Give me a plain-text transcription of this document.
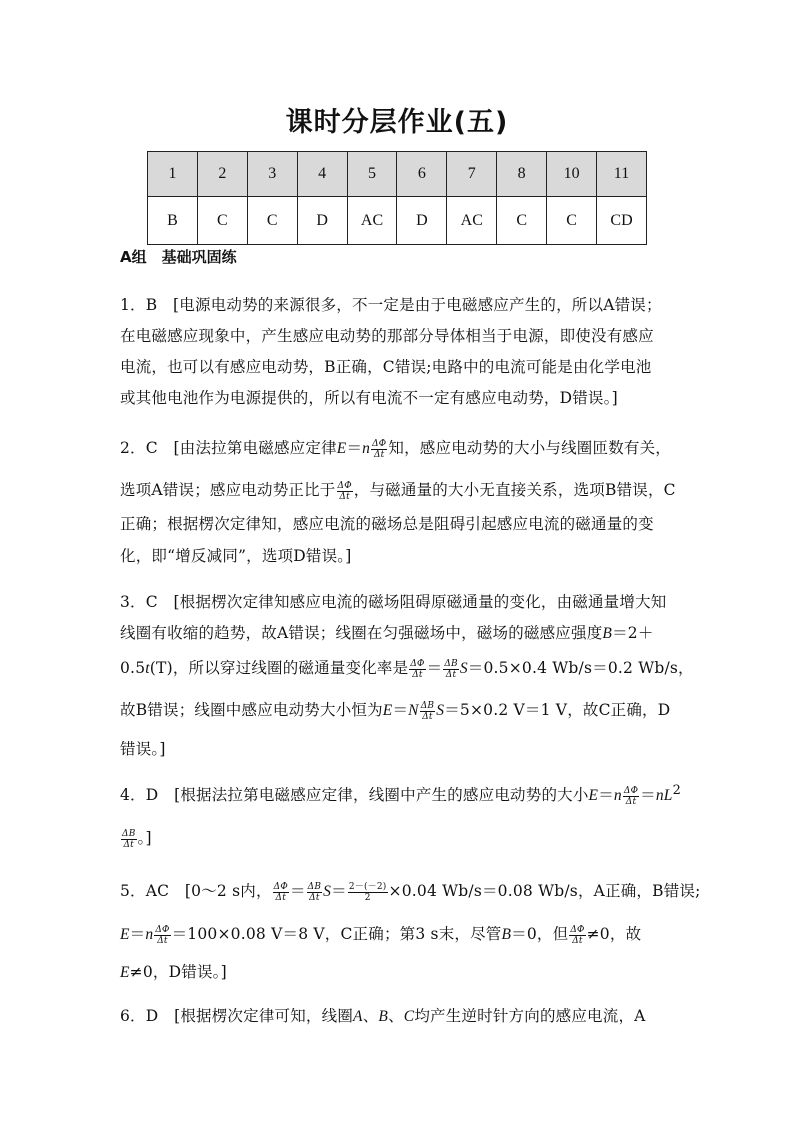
课时分层作业(五)
1	2	3	4	5	6	7	8	10	11
B	C	C	D	AC	D	AC	C	C	CD
A组　基础巩固练
1．B　[电源电动势的来源很多，不一定是由于电磁感应产生的，所以A错误；
在电磁感应现象中，产生感应电动势的那部分导体相当于电源，即使没有感应
电流，也可以有感应电动势，B正确，C错误;电路中的电流可能是由化学电池
或其他电池作为电源提供的，所以有电流不一定有感应电动势，D错误。]
2．C　[由法拉第电磁感应定律$E=n \frac{\Delta\Phi}{\Delta t}$ 知，感应电动势的大小与线圈匝数有关，
选项A错误；感应电动势正比于 $\frac{\Delta\Phi}{\Delta t}$ ，与磁通量的大小无直接关系，选项B错误，C
正确；根据楞次定律知，感应电流的磁场总是阻碍引起感应电流的磁通量的变
化，即“增反减同”，选项D错误。]
3．C　[根据楞次定律知感应电流的磁场阻碍原磁通量的变化，由磁通量增大知
线圈有收缩的趋势，故A错误；线圈在匀强磁场中，磁场的磁感应强度B＝2＋
0.5t(T)，所以穿过线圈的磁通量变化率是 $\frac{\Delta\Phi}{\Delta t} = \frac{\Delta B}{\Delta t} S=0.5\times 0.4$ Wb/s＝0.2 Wb/s，
故B错误；线圈中感应电动势大小恒为$E=N \frac{\Delta B}{\Delta t} S=5\times 0.2$ V＝1 V，故C正确，D
错误。]
4．D　[根据法拉第电磁感应定律，线圈中产生的感应电动势的大小$E=n \frac{\Delta\Phi}{\Delta t} =nL^2$
$\frac{\Delta B}{\Delta t}$ 。]
5．AC　[0～2 s内， $\frac{\Delta\Phi}{\Delta t} = \frac{\Delta B}{\Delta t} S= \frac{2-(-2)}{2} \times 0.04$ Wb/s＝0.08 Wb/s，A正确，B错误;
$E=n \frac{\Delta\Phi}{\Delta t} =100\times 0.08$ V＝8 V，C正确；第3 s末，尽管B＝0，但 $\frac{\Delta\Phi}{\Delta t} \ne 0$，故
E≠0，D错误。]
6．D　[根据楞次定律可知，线圈A、B、C均产生逆时针方向的感应电流，A
